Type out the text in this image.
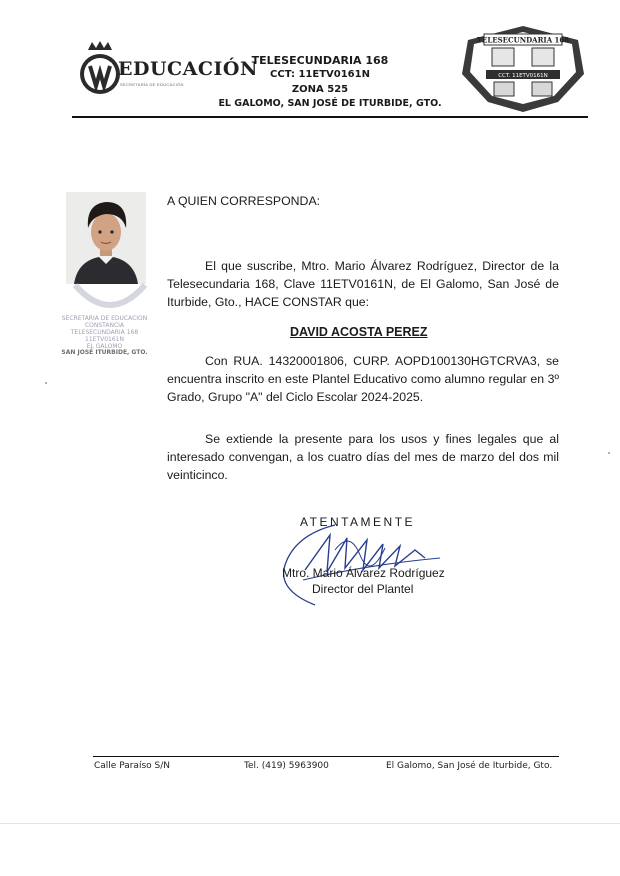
EDUCACIÓN
SECRETARÍA DE EDUCACIÓN
TELESECUNDARIA 168
CCT: 11ETV0161N
ZONA 525
EL GALOMO, SAN JOSÉ DE ITURBIDE, GTO.
TELESECUNDARIA 168
CCT. 11ETV0161N
SECRETARÍA DE EDUCACIÓN
CONSTANCIA
TELESECUNDARIA 168
11ETV0161N
EL GALOMO
SAN JOSÉ ITURBIDE, GTO.
A QUIEN CORRESPONDA:
El que suscribe, Mtro. Mario Álvarez Rodríguez, Director de la Telesecundaria 168, Clave 11ETV0161N, de El Galomo, San José de Iturbide, Gto., HACE CONSTAR que:
DAVID ACOSTA PEREZ
Con RUA. 14320001806, CURP. AOPD100130HGTCRVA3, se encuentra inscrito en este Plantel Educativo como alumno regular en 3º Grado, Grupo "A" del Ciclo Escolar 2024-2025.
Se extiende la presente para los usos y fines legales que al interesado convengan, a los cuatro días del mes de marzo del dos mil veinticinco.
ATENTAMENTE
Mtro. Mario Álvarez Rodríguez
Director del Plantel
Calle Paraíso S/N	Tel. (419) 5963900	El Galomo, San José de Iturbide, Gto.
